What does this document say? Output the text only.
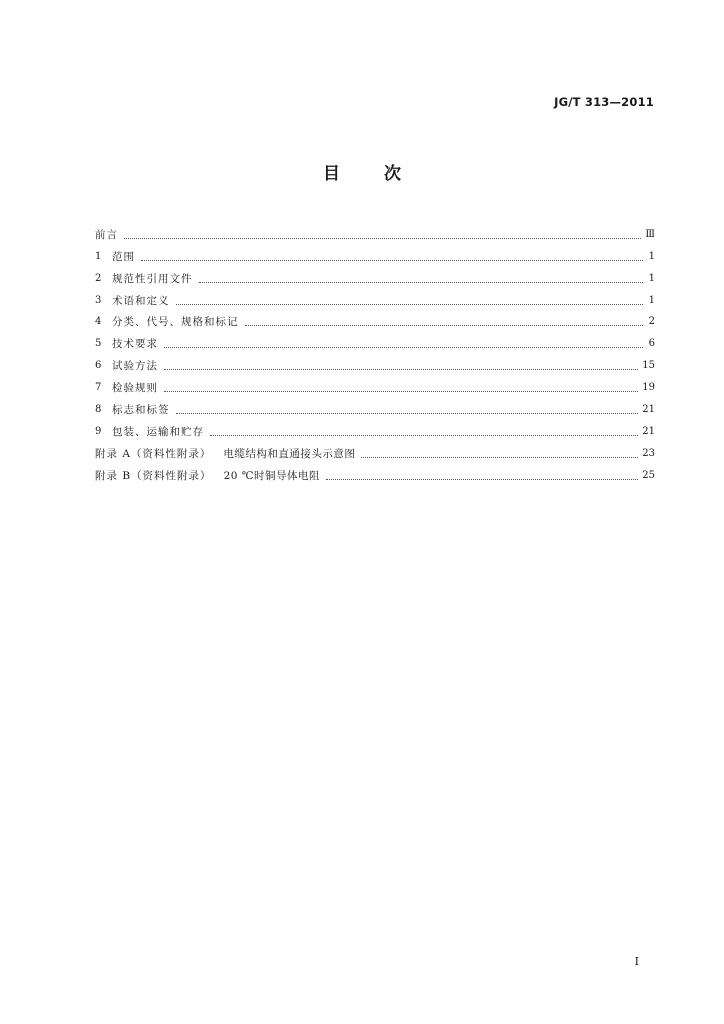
JG/T 313—2011
目 次
前言	Ⅲ
1	范围	1
2	规范性引用文件	1
3	术语和定义	1
4	分类、代号、规格和标记	2
5	技术要求	6
6	试验方法	15
7	检验规则	19
8	标志和标签	21
9	包装、运输和贮存	21
附录 A（资料性附录） 电缆结构和直通接头示意图	23
附录 B（资料性附录） 20 ℃时铜导体电阻	25
I
